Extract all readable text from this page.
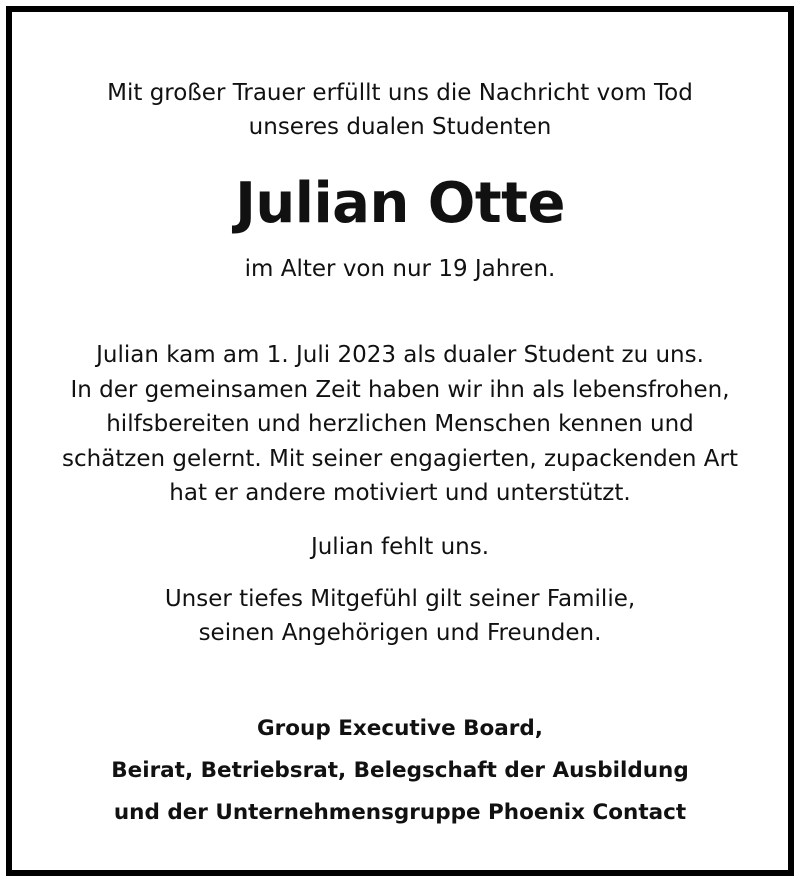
Mit großer Trauer erfüllt uns die Nachricht vom Tod
unseres dualen Studenten
Julian Otte
im Alter von nur 19 Jahren.
Julian kam am 1. Juli 2023 als dualer Student zu uns.
In der gemeinsamen Zeit haben wir ihn als lebensfrohen,
hilfsbereiten und herzlichen Menschen kennen und
schätzen gelernt. Mit seiner engagierten, zupackenden Art
hat er andere motiviert und unterstützt.
Julian fehlt uns.
Unser tiefes Mitgefühl gilt seiner Familie,
seinen Angehörigen und Freunden.
Group Executive Board,
Beirat, Betriebsrat, Belegschaft der Ausbildung
und der Unternehmensgruppe Phoenix Contact
